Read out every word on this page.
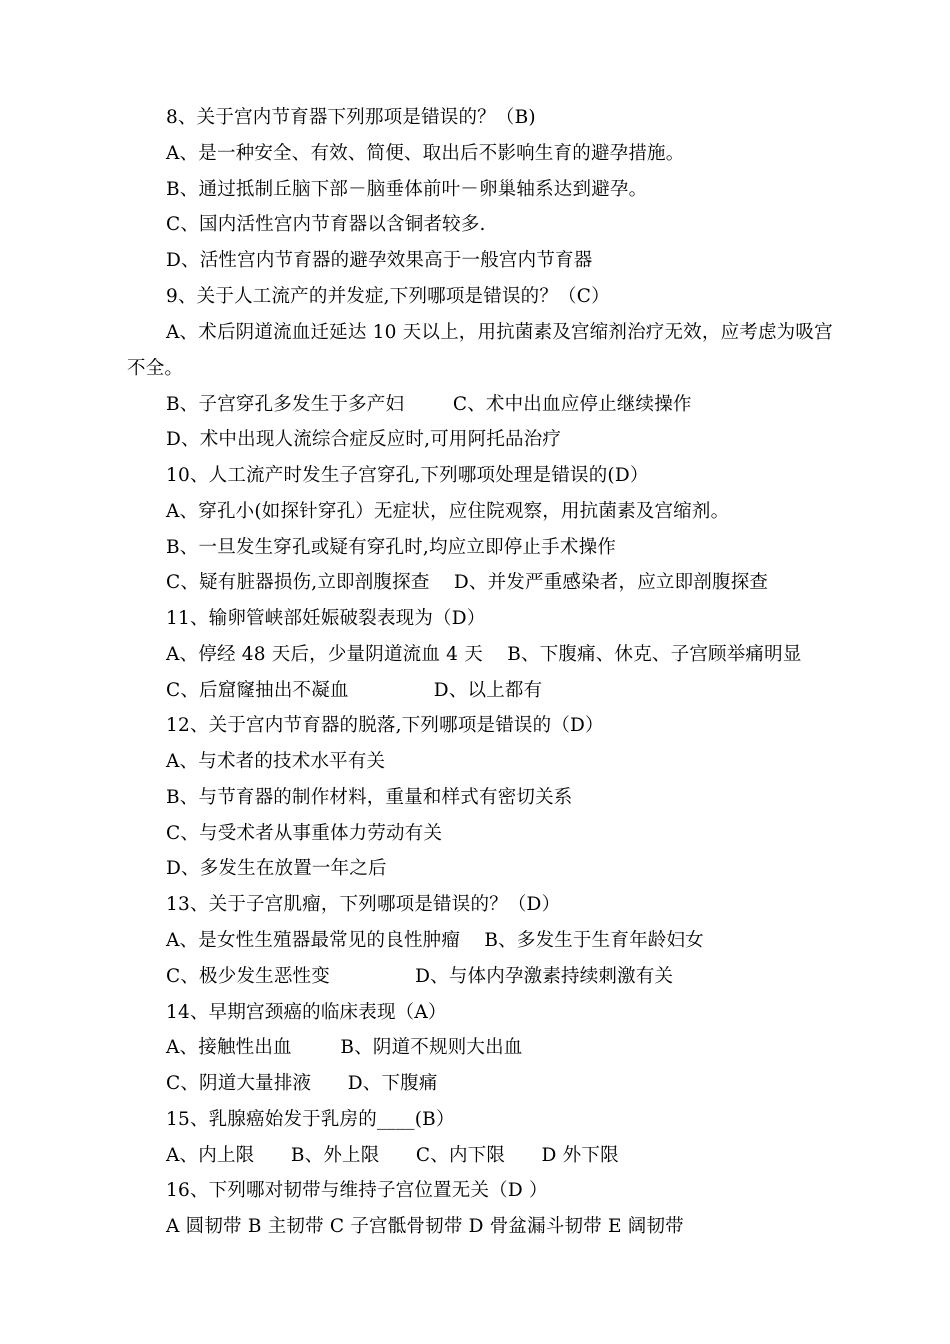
8、关于宫内节育器下列那项是错误的？（B)
A、是一种安全、有效、简便、取出后不影响生育的避孕措施。
B、通过抵制丘脑下部－脑垂体前叶－卵巢轴系达到避孕。
C、国内活性宫内节育器以含铜者较多.
D、活性宫内节育器的避孕效果高于一般宫内节育器
9、关于人工流产的并发症,下列哪项是错误的？（C）
A、术后阴道流血迁延达 10 天以上，用抗菌素及宫缩剂治疗无效，应考虑为吸宫
不全。
B、子宫穿孔多发生于多产妇        C、术中出血应停止继续操作
D、术中出现人流综合症反应时,可用阿托品治疗
10、人工流产时发生子宫穿孔,下列哪项处理是错误的(D）
A、穿孔小(如探针穿孔）无症状，应住院观察，用抗菌素及宫缩剂。
B、一旦发生穿孔或疑有穿孔时,均应立即停止手术操作
C、疑有脏器损伤,立即剖腹探查    D、并发严重感染者，应立即剖腹探查
11、输卵管峡部妊娠破裂表现为（D）
A、停经 48 天后，少量阴道流血 4 天    B、下腹痛、休克、子宫顾举痛明显
C、后窟窿抽出不凝血              D、以上都有
12、关于宫内节育器的脱落,下列哪项是错误的（D）
A、与术者的技术水平有关
B、与节育器的制作材料，重量和样式有密切关系
C、与受术者从事重体力劳动有关
D、多发生在放置一年之后
13、关于子宫肌瘤，下列哪项是错误的？（D）
A、是女性生殖器最常见的良性肿瘤    B、多发生于生育年龄妇女
C、极少发生恶性变              D、与体内孕激素持续刺激有关
14、早期宫颈癌的临床表现（A）
A、接触性出血        B、阴道不规则大出血
C、阴道大量排液      D、下腹痛
15、乳腺癌始发于乳房的____(B）
A、内上限      B、外上限      C、内下限      D 外下限
16、下列哪对韧带与维持子宫位置无关（D ）
A 圆韧带 B 主韧带 C 子宫骶骨韧带 D 骨盆漏斗韧带 E 阔韧带
